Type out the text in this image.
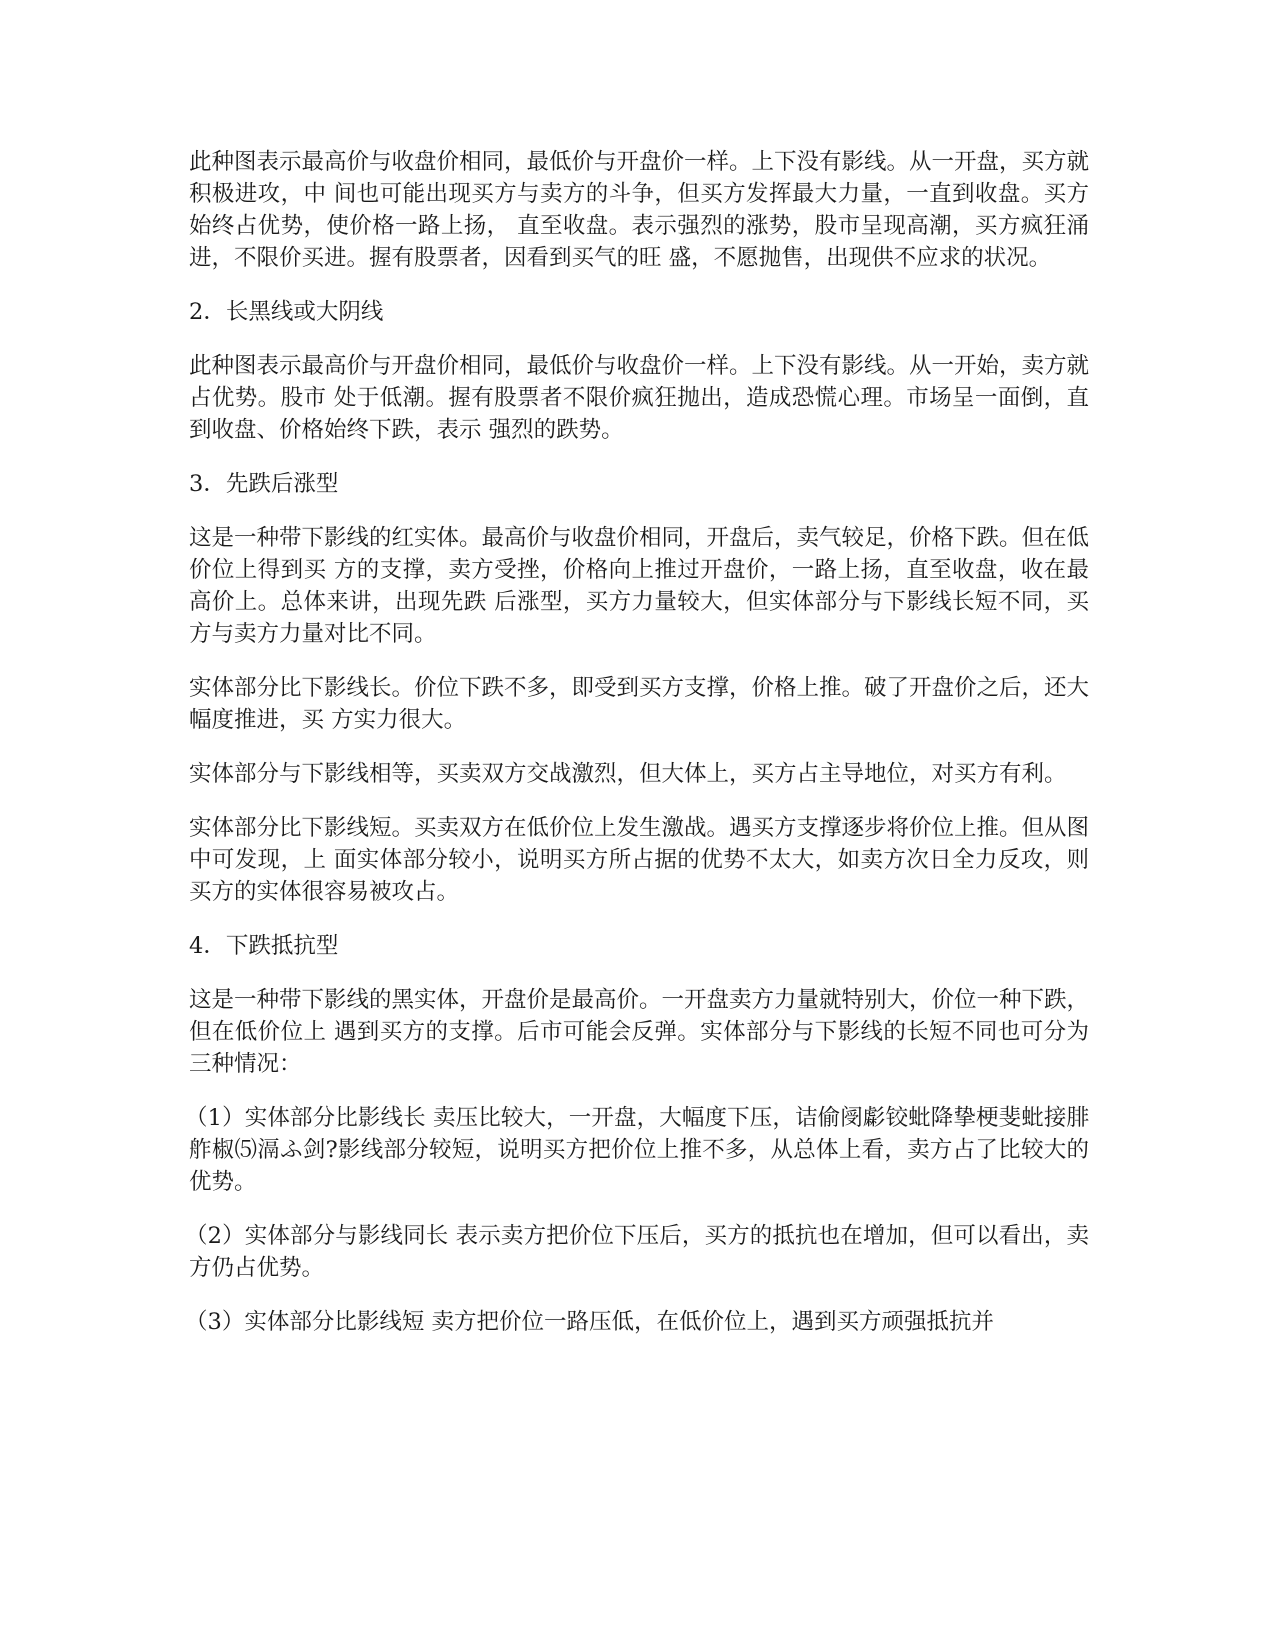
此种图表示最高价与收盘价相同，最低价与开盘价一样。上下没有影线。从一开盘，买方就积极进攻，中 间也可能出现买方与卖方的斗争，但买方发挥最大力量，一直到收盘。买方始终占优势，使价格一路上扬， 直至收盘。表示强烈的涨势，股市呈现高潮，买方疯狂涌进，不限价买进。握有股票者，因看到买气的旺 盛，不愿抛售，出现供不应求的状况。

2．长黑线或大阴线

此种图表示最高价与开盘价相同，最低价与收盘价一样。上下没有影线。从一开始，卖方就占优势。股市 处于低潮。握有股票者不限价疯狂抛出，造成恐慌心理。市场呈一面倒，直到收盘、价格始终下跌，表示 强烈的跌势。

3．先跌后涨型

这是一种带下影线的红实体。最高价与收盘价相同，开盘后，卖气较足，价格下跌。但在低价位上得到买 方的支撑，卖方受挫，价格向上推过开盘价，一路上扬，直至收盘，收在最高价上。总体来讲，出现先跌 后涨型，买方力量较大，但实体部分与下影线长短不同，买方与卖方力量对比不同。

实体部分比下影线长。价位下跌不多，即受到买方支撑，价格上推。破了开盘价之后，还大幅度推进，买 方实力很大。

实体部分与下影线相等，买卖双方交战激烈，但大体上，买方占主导地位，对买方有利。

实体部分比下影线短。买卖双方在低价位上发生激战。遇买方支撑逐步将价位上推。但从图中可发现，上 面实体部分较小，说明买方所占据的优势不太大，如卖方次日全力反攻，则买方的实体很容易被攻占。

4．下跌抵抗型

这是一种带下影线的黑实体，开盘价是最高价。一开盘卖方力量就特别大，价位一种下跌，但在低价位上 遇到买方的支撑。后市可能会反弹。实体部分与下影线的长短不同也可分为三种情况：

（1）实体部分比影线长 卖压比较大，一开盘，大幅度下压，诘偷阌虨铰蚍降挚梗斐蚍接腓舴椒⑸滆ふ剑?影线部分较短，说明买方把价位上推不多，从总体上看，卖方占了比较大的优势。

（2）实体部分与影线同长 表示卖方把价位下压后，买方的抵抗也在增加，但可以看出，卖方仍占优势。

（3）实体部分比影线短 卖方把价位一路压低，在低价位上，遇到买方顽强抵抗并
